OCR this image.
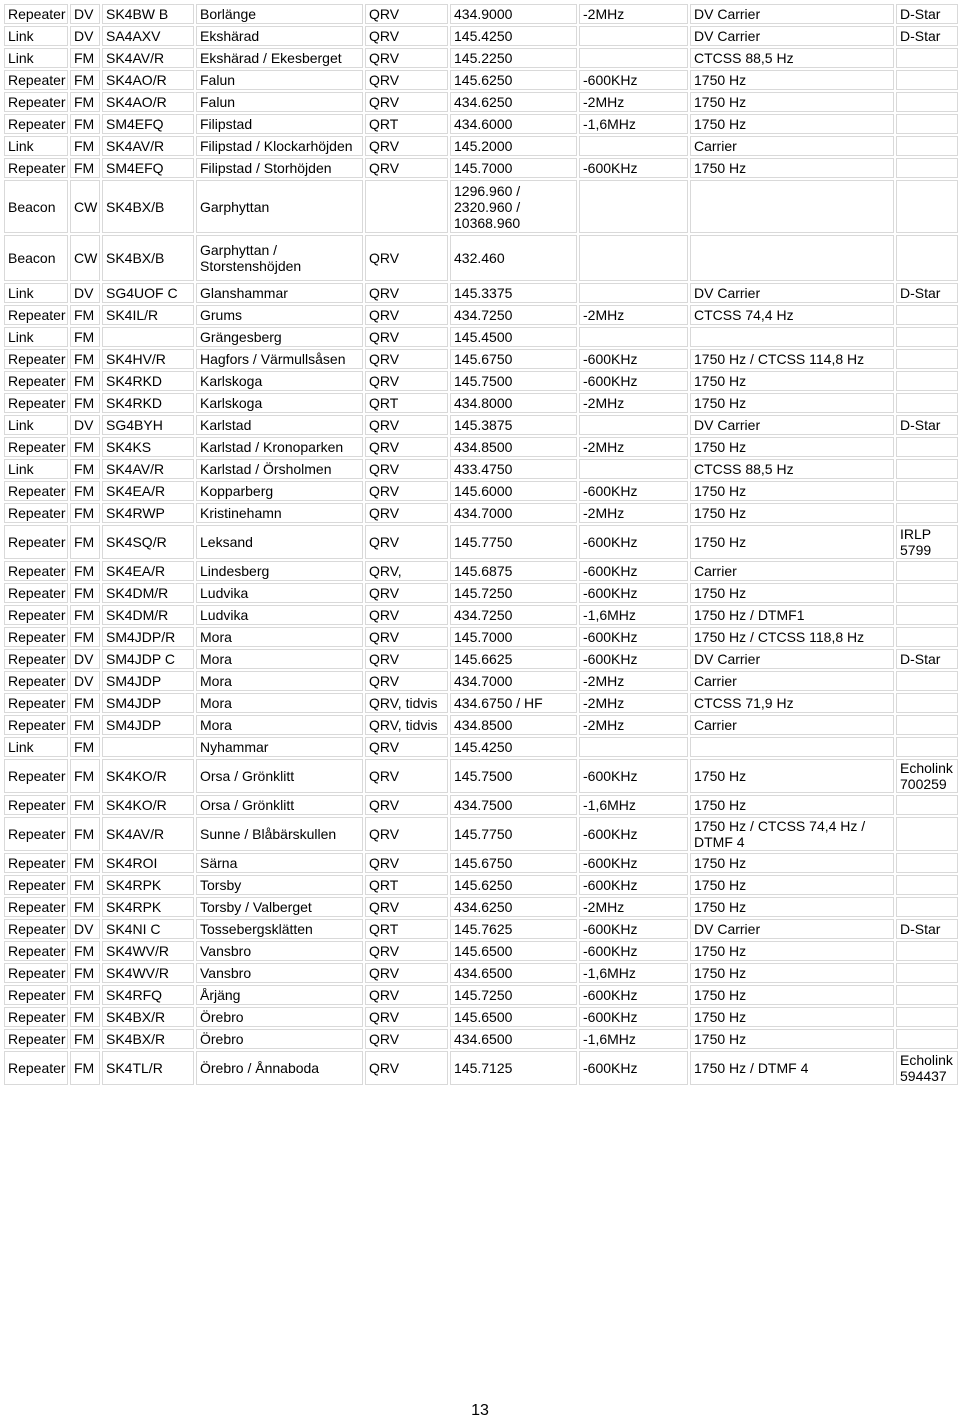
Repeater	DV	SK4BW B	Borlänge	QRV	434.9000	-2MHz	DV Carrier	D-Star
Link	DV	SA4AXV	Ekshärad	QRV	145.4250		DV Carrier	D-Star
Link	FM	SK4AV/R	Ekshärad / Ekesberget	QRV	145.2250		CTCSS 88,5 Hz	
Repeater	FM	SK4AO/R	Falun	QRV	145.6250	-600KHz	1750 Hz	
Repeater	FM	SK4AO/R	Falun	QRV	434.6250	-2MHz	1750 Hz	
Repeater	FM	SM4EFQ	Filipstad	QRT	434.6000	-1,6MHz	1750 Hz	
Link	FM	SK4AV/R	Filipstad / Klockarhöjden	QRV	145.2000		Carrier	
Repeater	FM	SM4EFQ	Filipstad / Storhöjden	QRV	145.7000	-600KHz	1750 Hz	
Beacon	CW	SK4BX/B	Garphyttan		1296.960 / 2320.960 / 10368.960			
Beacon	CW	SK4BX/B	Garphyttan / Storstenshöjden	QRV	432.460			
Link	DV	SG4UOF C	Glanshammar	QRV	145.3375		DV Carrier	D-Star
Repeater	FM	SK4IL/R	Grums	QRV	434.7250	-2MHz	CTCSS 74,4 Hz	
Link	FM		Grängesberg	QRV	145.4500			
Repeater	FM	SK4HV/R	Hagfors / Värmullsåsen	QRV	145.6750	-600KHz	1750 Hz / CTCSS 114,8 Hz	
Repeater	FM	SK4RKD	Karlskoga	QRV	145.7500	-600KHz	1750 Hz	
Repeater	FM	SK4RKD	Karlskoga	QRT	434.8000	-2MHz	1750 Hz	
Link	DV	SG4BYH	Karlstad	QRV	145.3875		DV Carrier	D-Star
Repeater	FM	SK4KS	Karlstad / Kronoparken	QRV	434.8500	-2MHz	1750 Hz	
Link	FM	SK4AV/R	Karlstad / Örsholmen	QRV	433.4750		CTCSS 88,5 Hz	
Repeater	FM	SK4EA/R	Kopparberg	QRV	145.6000	-600KHz	1750 Hz	
Repeater	FM	SK4RWP	Kristinehamn	QRV	434.7000	-2MHz	1750 Hz	
Repeater	FM	SK4SQ/R	Leksand	QRV	145.7750	-600KHz	1750 Hz	IRLP 5799
Repeater	FM	SK4EA/R	Lindesberg	QRV,	145.6875	-600KHz	Carrier	
Repeater	FM	SK4DM/R	Ludvika	QRV	145.7250	-600KHz	1750 Hz	
Repeater	FM	SK4DM/R	Ludvika	QRV	434.7250	-1,6MHz	1750 Hz / DTMF1	
Repeater	FM	SM4JDP/R	Mora	QRV	145.7000	-600KHz	1750 Hz / CTCSS 118,8 Hz	
Repeater	DV	SM4JDP C	Mora	QRV	145.6625	-600KHz	DV Carrier	D-Star
Repeater	DV	SM4JDP	Mora	QRV	434.7000	-2MHz	Carrier	
Repeater	FM	SM4JDP	Mora	QRV, tidvis	434.6750 / HF	-2MHz	CTCSS 71,9 Hz	
Repeater	FM	SM4JDP	Mora	QRV, tidvis	434.8500	-2MHz	Carrier	
Link	FM		Nyhammar	QRV	145.4250			
Repeater	FM	SK4KO/R	Orsa / Grönklitt	QRV	145.7500	-600KHz	1750 Hz	Echolink 700259
Repeater	FM	SK4KO/R	Orsa / Grönklitt	QRV	434.7500	-1,6MHz	1750 Hz	
Repeater	FM	SK4AV/R	Sunne / Blåbärskullen	QRV	145.7750	-600KHz	1750 Hz / CTCSS 74,4 Hz / DTMF 4	
Repeater	FM	SK4ROI	Särna	QRV	145.6750	-600KHz	1750 Hz	
Repeater	FM	SK4RPK	Torsby	QRT	145.6250	-600KHz	1750 Hz	
Repeater	FM	SK4RPK	Torsby / Valberget	QRV	434.6250	-2MHz	1750 Hz	
Repeater	DV	SK4NI C	Tossebergsklätten	QRT	145.7625	-600KHz	DV Carrier	D-Star
Repeater	FM	SK4WV/R	Vansbro	QRV	145.6500	-600KHz	1750 Hz	
Repeater	FM	SK4WV/R	Vansbro	QRV	434.6500	-1,6MHz	1750 Hz	
Repeater	FM	SK4RFQ	Årjäng	QRV	145.7250	-600KHz	1750 Hz	
Repeater	FM	SK4BX/R	Örebro	QRV	145.6500	-600KHz	1750 Hz	
Repeater	FM	SK4BX/R	Örebro	QRV	434.6500	-1,6MHz	1750 Hz	
Repeater	FM	SK4TL/R	Örebro / Ånnaboda	QRV	145.7125	-600KHz	1750 Hz / DTMF 4	Echolink 594437
13
